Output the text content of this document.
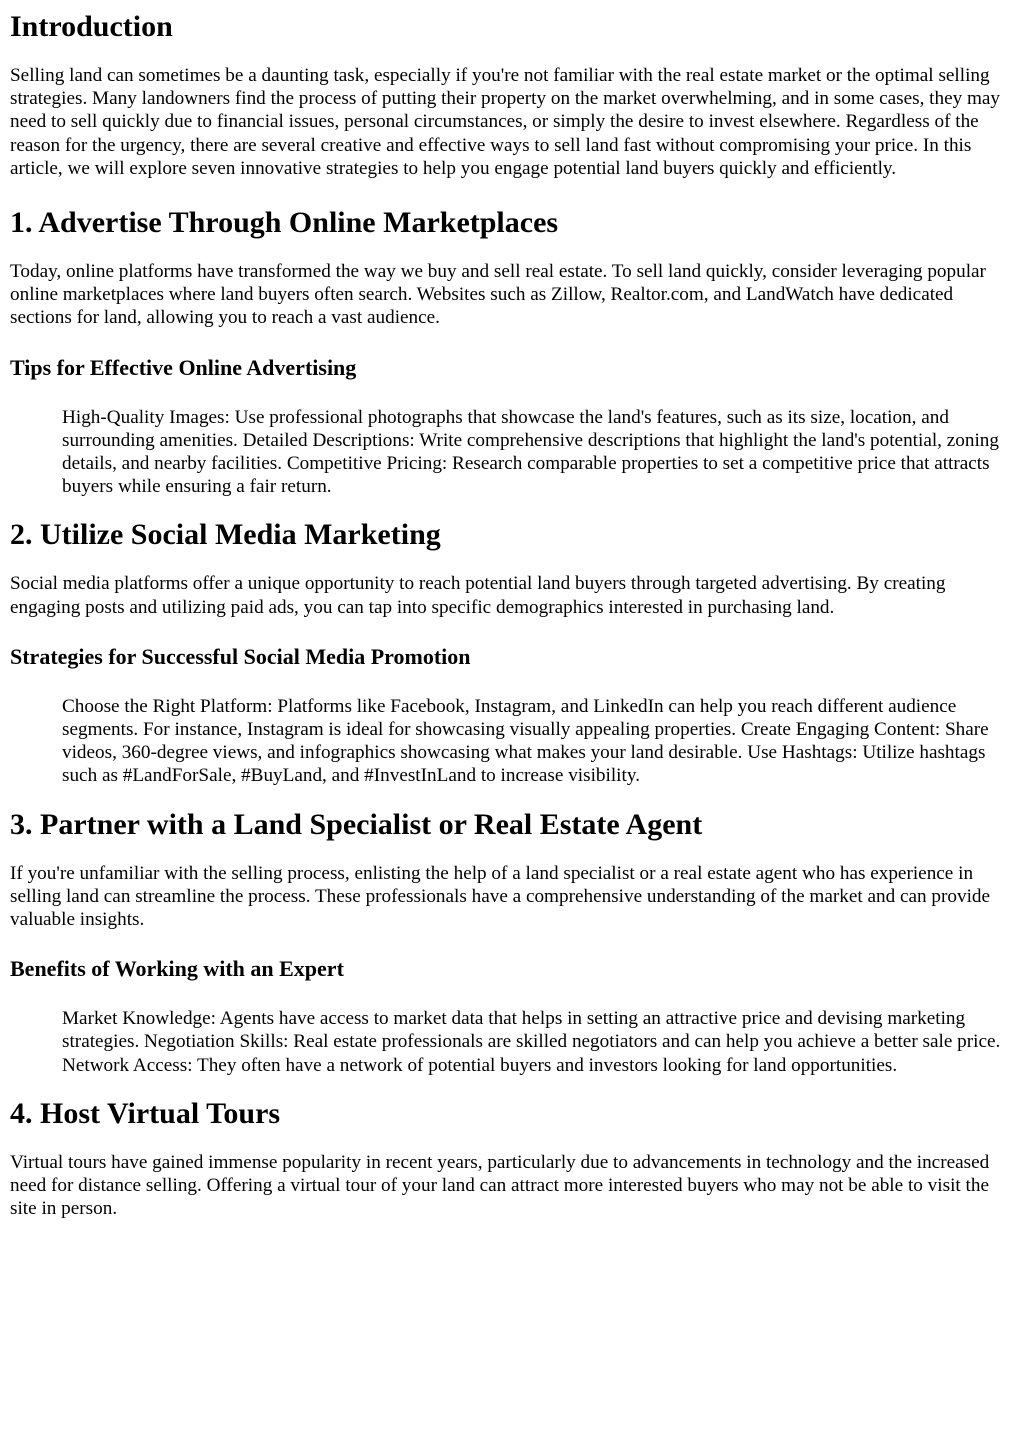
Introduction

Selling land can sometimes be a daunting task, especially if you're not familiar with the real estate market or the optimal selling strategies. Many landowners find the process of putting their property on the market overwhelming, and in some cases, they may need to sell quickly due to financial issues, personal circumstances, or simply the desire to invest elsewhere. Regardless of the reason for the urgency, there are several creative and effective ways to sell land fast without compromising your price. In this article, we will explore seven innovative strategies to help you engage potential land buyers quickly and efficiently.

1. Advertise Through Online Marketplaces

Today, online platforms have transformed the way we buy and sell real estate. To sell land quickly, consider leveraging popular online marketplaces where land buyers often search. Websites such as Zillow, Realtor.com, and LandWatch have dedicated sections for land, allowing you to reach a vast audience.

Tips for Effective Online Advertising
High-Quality Images: Use professional photographs that showcase the land's features, such as its size, location, and surrounding amenities. Detailed Descriptions: Write comprehensive descriptions that highlight the land's potential, zoning details, and nearby facilities. Competitive Pricing: Research comparable properties to set a competitive price that attracts buyers while ensuring a fair return.
2. Utilize Social Media Marketing

Social media platforms offer a unique opportunity to reach potential land buyers through targeted advertising. By creating engaging posts and utilizing paid ads, you can tap into specific demographics interested in purchasing land.

Strategies for Successful Social Media Promotion
Choose the Right Platform: Platforms like Facebook, Instagram, and LinkedIn can help you reach different audience segments. For instance, Instagram is ideal for showcasing visually appealing properties. Create Engaging Content: Share videos, 360-degree views, and infographics showcasing what makes your land desirable. Use Hashtags: Utilize hashtags such as #LandForSale, #BuyLand, and #InvestInLand to increase visibility.
3. Partner with a Land Specialist or Real Estate Agent

If you're unfamiliar with the selling process, enlisting the help of a land specialist or a real estate agent who has experience in selling land can streamline the process. These professionals have a comprehensive understanding of the market and can provide valuable insights.

Benefits of Working with an Expert
Market Knowledge: Agents have access to market data that helps in setting an attractive price and devising marketing strategies. Negotiation Skills: Real estate professionals are skilled negotiators and can help you achieve a better sale price. Network Access: They often have a network of potential buyers and investors looking for land opportunities.
4. Host Virtual Tours

Virtual tours have gained immense popularity in recent years, particularly due to advancements in technology and the increased need for distance selling. Offering a virtual tour of your land can attract more interested buyers who may not be able to visit the site in person.
